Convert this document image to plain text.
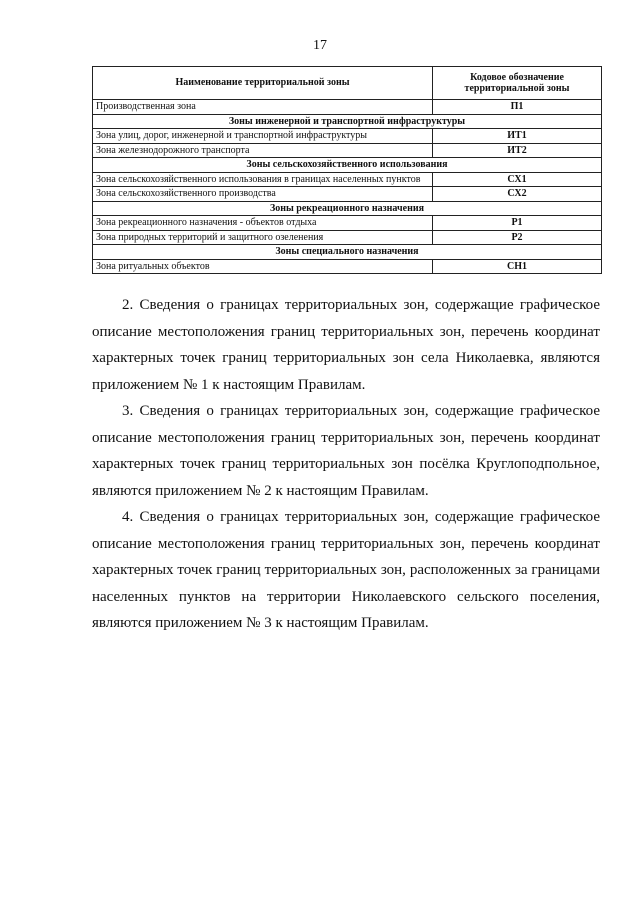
17
Наименование территориальной зоны	Кодовое обозначение территориальной зоны
Производственная зона	П1
Зоны инженерной и транспортной инфраструктуры	
Зона улиц, дорог, инженерной и транспортной инфраструктуры	ИТ1
Зона железнодорожного транспорта	ИТ2
Зоны сельскохозяйственного использования	
Зона сельскохозяйственного использования в границах населенных пунктов	СХ1
Зона сельскохозяйственного производства	СХ2
Зоны рекреационного назначения	
Зона рекреационного назначения - объектов отдыха	Р1
Зона природных территорий и защитного озеленения	Р2
Зоны специального назначения	
Зона ритуальных объектов	СН1

2. Сведения о границах территориальных зон, содержащие графическое описание местоположения границ территориальных зон, перечень координат характерных точек границ территориальных зон села Николаевка, являются приложением № 1 к настоящим Правилам.

3. Сведения о границах территориальных зон, содержащие графическое описание местоположения границ территориальных зон, перечень координат характерных точек границ территориальных зон посёлка Круглоподпольное, являются приложением № 2 к настоящим Правилам.

4. Сведения о границах территориальных зон, содержащие графическое описание местоположения границ территориальных зон, перечень координат характерных точек границ территориальных зон, расположенных за границами населенных пунктов на территории Николаевского сельского поселения, являются приложением № 3 к настоящим Правилам.
